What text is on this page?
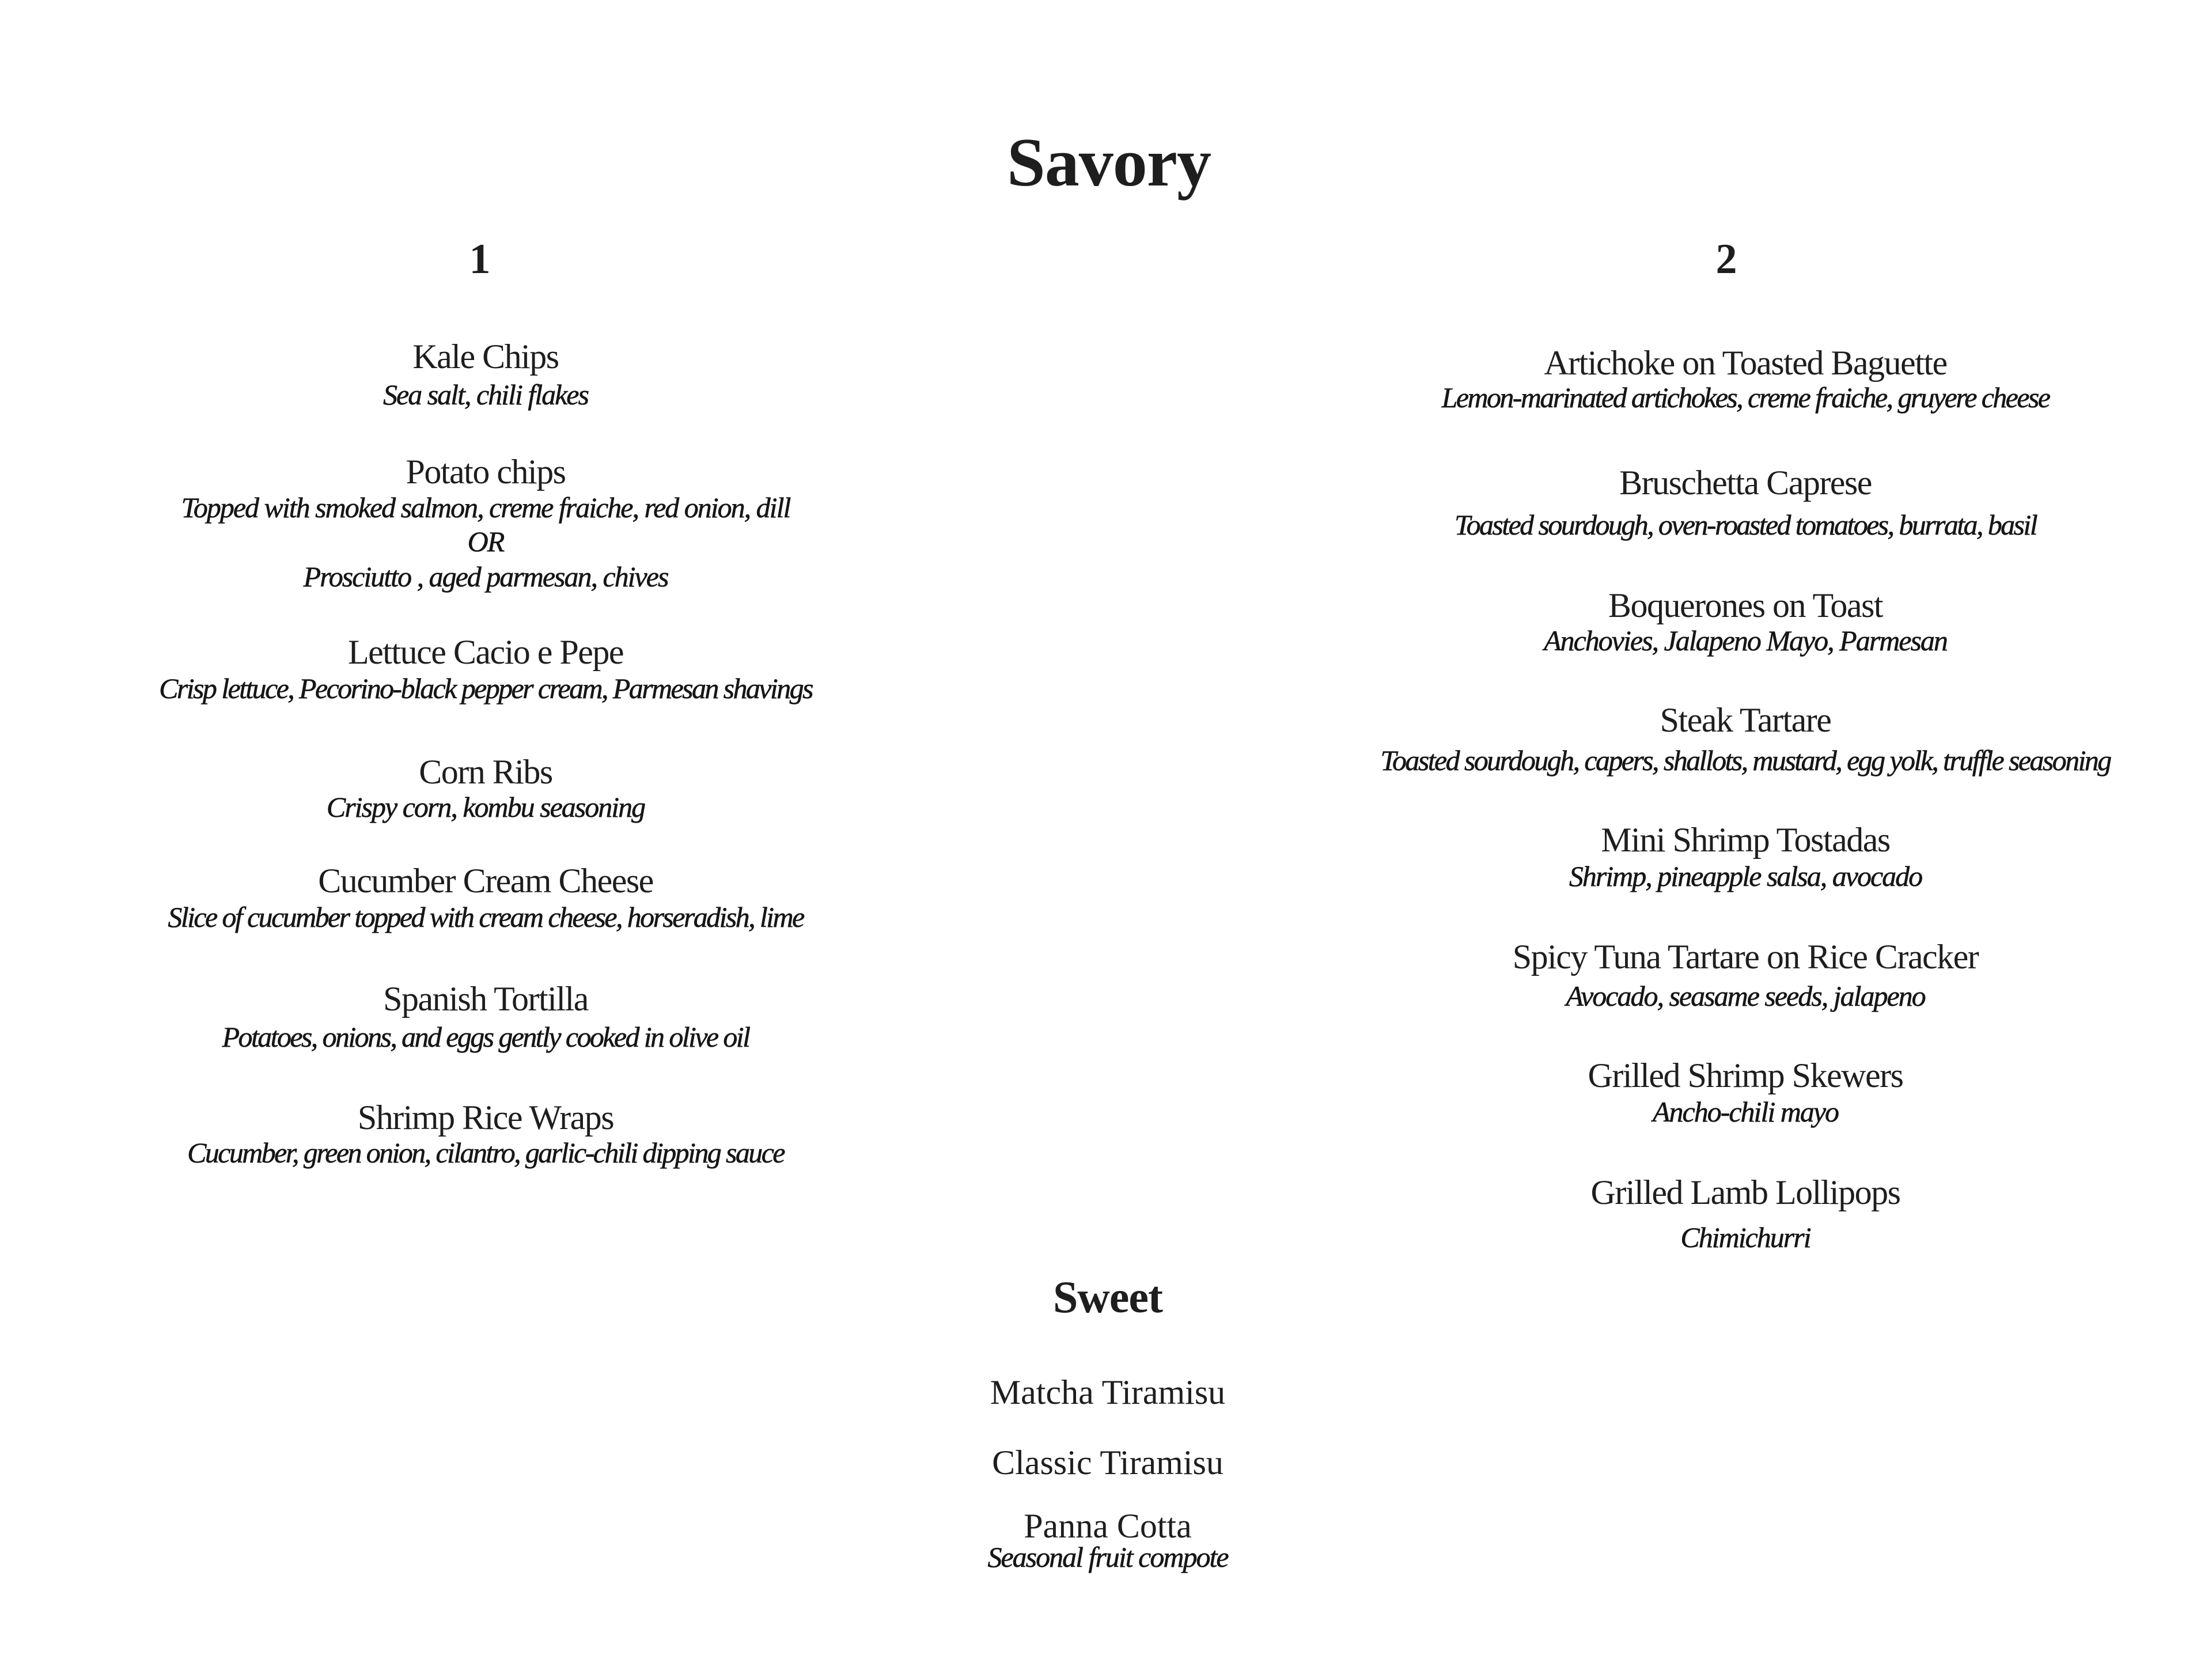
Savory
1
Kale Chips
Sea salt, chili flakes
Potato chips
Topped with smoked salmon, creme fraiche, red onion, dill
OR
Prosciutto , aged parmesan, chives
Lettuce Cacio e Pepe
Crisp lettuce, Pecorino-black pepper cream, Parmesan shavings
Corn Ribs
Crispy corn, kombu seasoning
Cucumber Cream Cheese
Slice of cucumber topped with cream cheese, horseradish, lime
Spanish Tortilla
Potatoes, onions, and eggs gently cooked in olive oil
Shrimp Rice Wraps
Cucumber, green onion, cilantro, garlic-chili dipping sauce
2
Artichoke on Toasted Baguette
Lemon-marinated artichokes, creme fraiche, gruyere cheese
Bruschetta Caprese
Toasted sourdough, oven-roasted tomatoes, burrata, basil
Boquerones on Toast
Anchovies, Jalapeno Mayo, Parmesan
Steak Tartare
Toasted sourdough, capers, shallots, mustard, egg yolk, truffle seasoning
Mini Shrimp Tostadas
Shrimp, pineapple salsa, avocado
Spicy Tuna Tartare on Rice Cracker
Avocado, seasame seeds, jalapeno
Grilled Shrimp Skewers
Ancho-chili mayo
Grilled Lamb Lollipops
Chimichurri
Sweet
Matcha Tiramisu
Classic Tiramisu
Panna Cotta
Seasonal fruit compote
